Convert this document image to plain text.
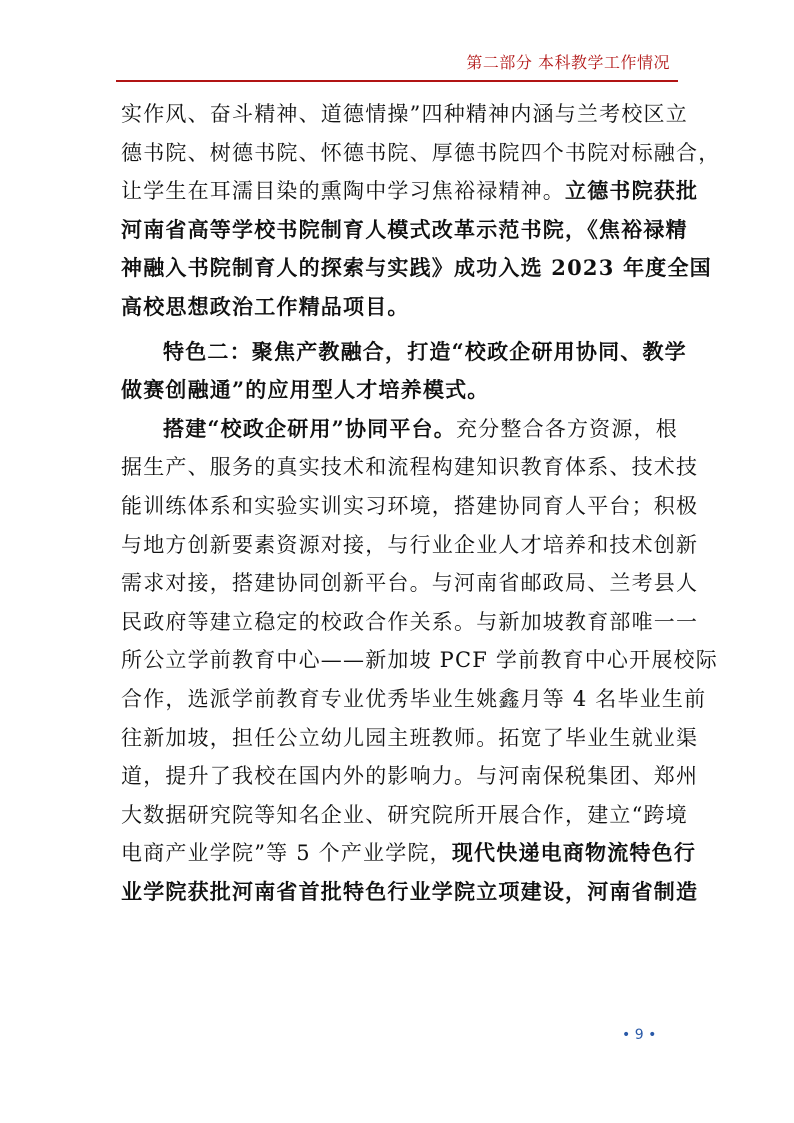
第二部分 本科教学工作情况
实作风、奋斗精神、道德情操”四种精神内涵与兰考校区立
德书院、树德书院、怀德书院、厚德书院四个书院对标融合，
让学生在耳濡目染的熏陶中学习焦裕禄精神。立德书院获批
河南省高等学校书院制育人模式改革示范书院，《焦裕禄精
神融入书院制育人的探索与实践》成功入选 2023 年度全国
高校思想政治工作精品项目。
特色二：聚焦产教融合，打造“校政企研用协同、教学
做赛创融通”的应用型人才培养模式。
搭建“校政企研用”协同平台。充分整合各方资源，根
据生产、服务的真实技术和流程构建知识教育体系、技术技
能训练体系和实验实训实习环境，搭建协同育人平台；积极
与地方创新要素资源对接，与行业企业人才培养和技术创新
需求对接，搭建协同创新平台。与河南省邮政局、兰考县人
民政府等建立稳定的校政合作关系。与新加坡教育部唯一一
所公立学前教育中心——新加坡 PCF 学前教育中心开展校际
合作，选派学前教育专业优秀毕业生姚鑫月等 4 名毕业生前
往新加坡，担任公立幼儿园主班教师。拓宽了毕业生就业渠
道，提升了我校在国内外的影响力。与河南保税集团、郑州
大数据研究院等知名企业、研究院所开展合作，建立“跨境
电商产业学院”等 5 个产业学院，现代快递电商物流特色行
业学院获批河南省首批特色行业学院立项建设，河南省制造
• 9 •
